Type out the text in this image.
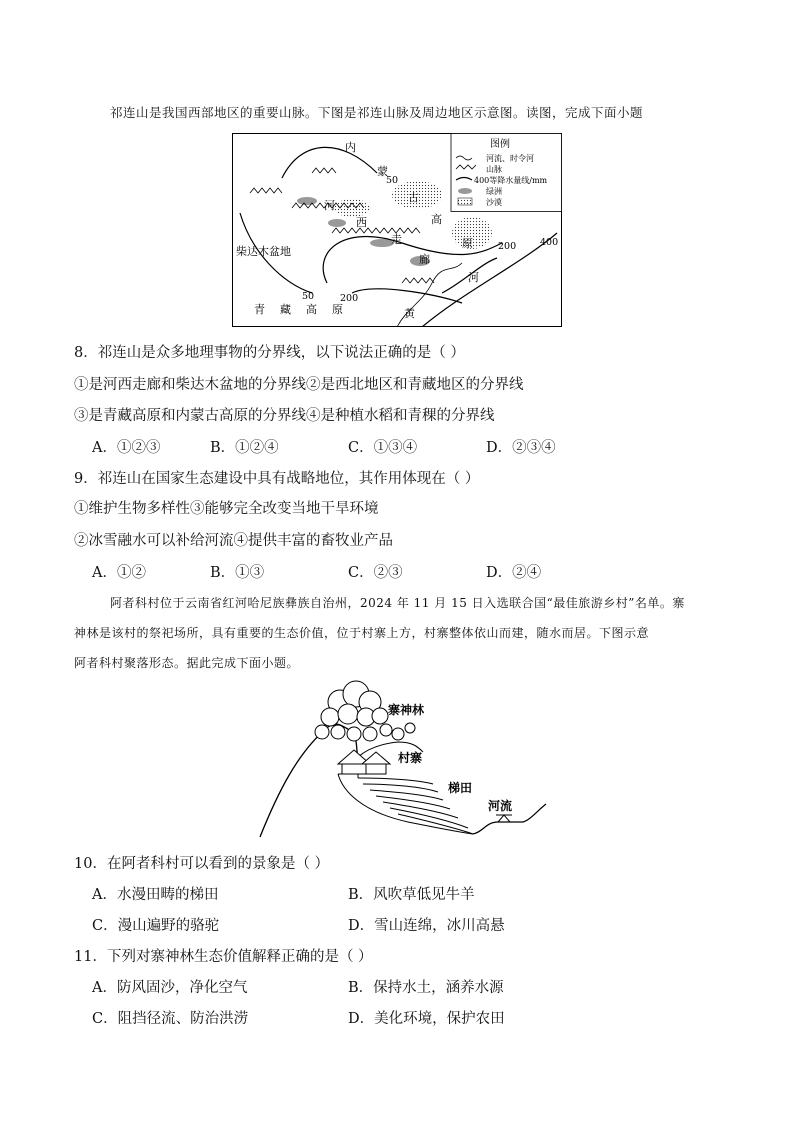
祁连山是我国西部地区的重要山脉。下图是祁连山脉及周边地区示意图。读图，完成下面小题
图例
河流、时令河
山脉
400等降水量线/mm
绿洲
沙漠
内
蒙
古
高
原
河
西
走
廊
柴达木盆地
青 藏 高 原	黄
河
50
50	200
200	400
8．祁连山是众多地理事物的分界线，以下说法正确的是（ ）
①是河西走廊和柴达木盆地的分界线②是西北地区和青藏地区的分界线
③是青藏高原和内蒙古高原的分界线④是种植水稻和青稞的分界线
A．①②③	B．①②④	C．①③④	D．②③④
9．祁连山在国家生态建设中具有战略地位，其作用体现在（ ）
①维护生物多样性③能够完全改变当地干旱环境
②冰雪融水可以补给河流④提供丰富的畜牧业产品
A．①②	B．①③	C．②③	D．②④
阿者科村位于云南省红河哈尼族彝族自治州，2024 年 11 月 15 日入选联合国“最佳旅游乡村”名单。寨
神林是该村的祭祀场所，具有重要的生态价值，位于村寨上方，村寨整体依山而建，随水而居。下图示意
阿者科村聚落形态。据此完成下面小题。
寨神林
村寨
梯田
河流
10．在阿者科村可以看到的景象是（ ）
A．水漫田畴的梯田	B．风吹草低见牛羊
C．漫山遍野的骆驼	D．雪山连绵，冰川高悬
11．下列对寨神林生态价值解释正确的是（ ）
A．防风固沙，净化空气	B．保持水土，涵养水源
C．阻挡径流、防治洪涝	D．美化环境，保护农田
